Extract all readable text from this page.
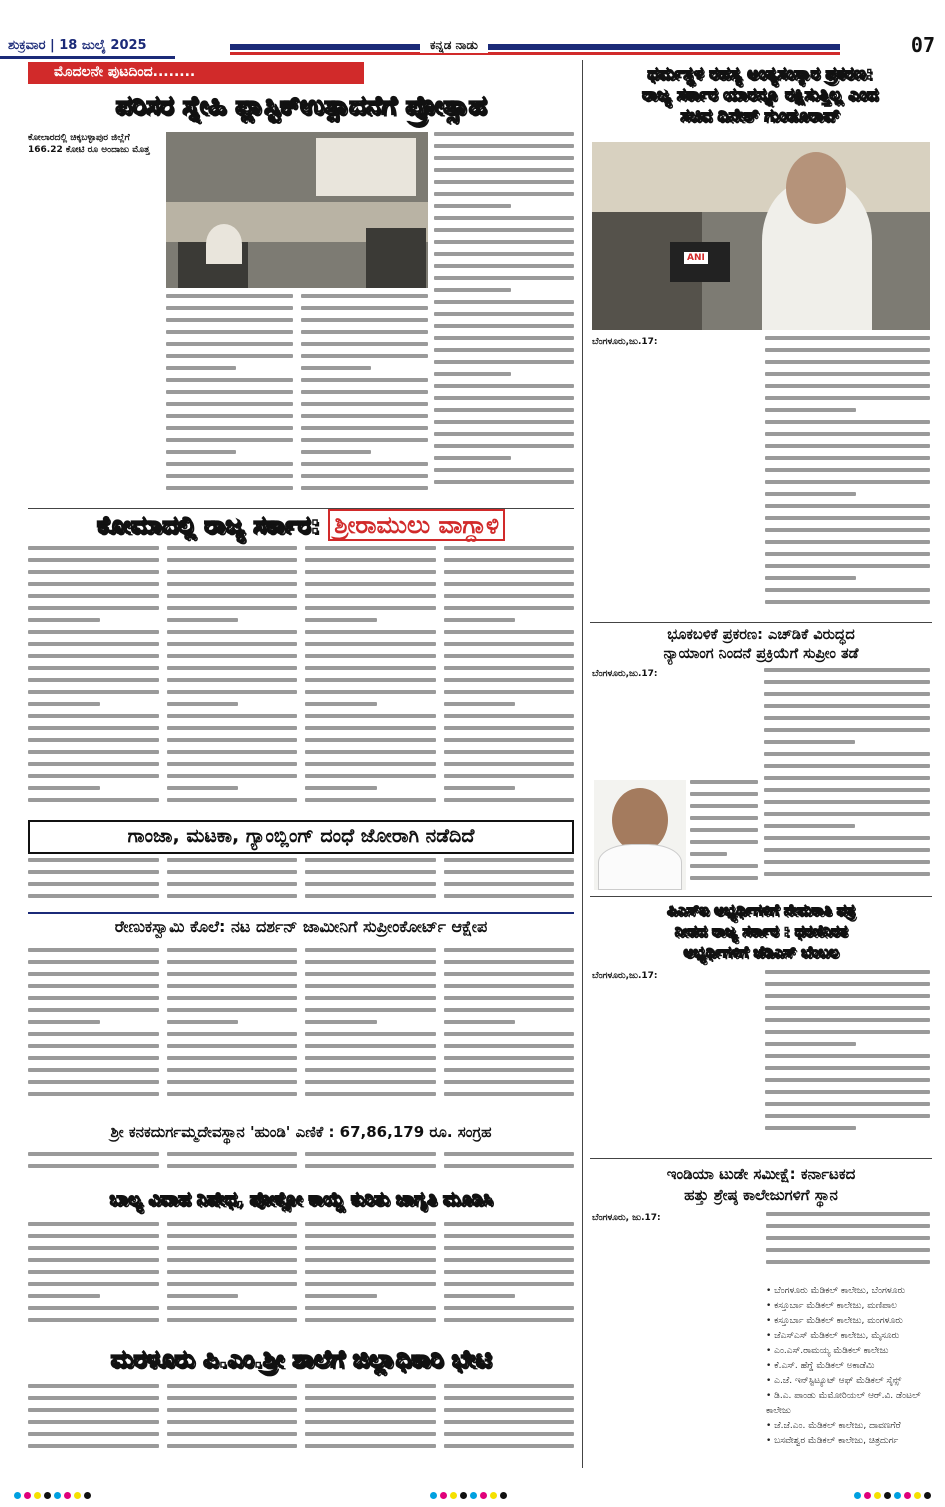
ಶುಕ್ರವಾರ | 18 ಜುಲೈ 2025	ಕನ್ನಡ ನಾಡು	07
ಮೊದಲನೇ ಪುಟದಿಂದ........
ಪರಿಸರ ಸ್ನೇಹಿ ಪ್ಲಾಸ್ಟಿಕ್‌ಉತ್ಪಾದನೆಗೆ ಪ್ರೋತ್ಸಾಹ
ಕೋಲಾರದಲ್ಲಿ ಚಿಕ್ಕಬಳ್ಳಾಪುರ ಜಿಲ್ಲೆಗೆ 166.22 ಕೋಟಿ ರೂ ಅಂದಾಜು ಮೊತ್ತ
ಕೋಮಾದಲ್ಲಿ ರಾಜ್ಯ ಸರ್ಕಾರ: ಶ್ರೀರಾಮುಲು ವಾಗ್ದಾಳಿ
ಗಾಂಜಾ, ಮಟಕಾ, ಗ್ಯಾಂಬ್ಲಿಂಗ್ ದಂಧೆ ಜೋರಾಗಿ ನಡೆದಿದೆ
ರೇಣುಕಸ್ವಾಮಿ ಕೊಲೆ: ನಟ ದರ್ಶನ್ ಜಾಮೀನಿಗೆ ಸುಪ್ರೀಂಕೋರ್ಟ್ ಆಕ್ಷೇಪ
ಶ್ರೀ ಕನಕದುರ್ಗಮ್ಮದೇವಸ್ಥಾನ 'ಹುಂಡಿ' ಎಣಿಕೆ : 67,86,179 ರೂ. ಸಂಗ್ರಹ
ಬಾಲ್ಯ ವಿವಾಹ ನಿಷೇಧ, ಪೋಕ್ಸೋ ಕಾಯ್ದೆ ಕುರಿತು ಜಾಗೃತಿ ಮೂಡಿಸಿ
ಮರಳೂರು ಪಿ.ಎಂ.ಶ್ರೀ ಶಾಲೆಗೆ ಜಿಲ್ಲಾಧಿಕಾರಿ ಭೇಟಿ
ಧರ್ಮಸ್ಥಳ ರಹಸ್ಯ ಅಂತ್ಯಸಂಸ್ಕಾರ ಪ್ರಕರಣ:
ರಾಜ್ಯ ಸರ್ಕಾರ ಯಾರನ್ನೂ ರಕ್ಷಿಸುತ್ತಿಲ್ಲ ಎಂದ
ಸಚಿವ ದಿನೇಶ್ ಗುಂಡೂರಾವ್
ANI
ಬೆಂಗಳೂರು,ಜು.17:
ಭೂಕಬಳಿಕೆ ಪ್ರಕರಣ: ಎಚ್‌ಡಿಕೆ ವಿರುದ್ಧದ
ನ್ಯಾಯಾಂಗ ನಿಂದನೆ ಪ್ರಕ್ರಿಯೆಗೆ ಸುಪ್ರೀಂ ತಡೆ
ಬೆಂಗಳೂರು,ಜು.17:
ಪಿಎಸ್‌ಐ ಅಭ್ಯರ್ಥಿಗಳಿಗೆ ನೇಮಕಾತಿ ಪತ್ರ
ನೀಡದ ರಾಜ್ಯ ಸರ್ಕಾರ : ಧರಣಿನಿರತ
ಅಭ್ಯರ್ಥಿಗಳಿಗೆ ಜೆಡಿಎಸ್ ಬೆಂಬಲ
ಬೆಂಗಳೂರು,ಜು.17:
ಇಂಡಿಯಾ ಟುಡೇ ಸಮೀಕ್ಷೆ: ಕರ್ನಾಟಕದ
ಹತ್ತು ಶ್ರೇಷ್ಠ ಕಾಲೇಜುಗಳಿಗೆ ಸ್ಥಾನ
ಬೆಂಗಳೂರು, ಜು.17:
• ಬೆಂಗಳೂರು ಮೆಡಿಕಲ್ ಕಾಲೇಜು, ಬೆಂಗಳೂರು
• ಕಸ್ತೂರ್ಬಾ ಮೆಡಿಕಲ್ ಕಾಲೇಜು, ಮಣಿಪಾಲ
• ಕಸ್ತೂರ್ಬಾ ಮೆಡಿಕಲ್ ಕಾಲೇಜು, ಮಂಗಳೂರು
• ಜೆಎಸ್‌ಎಸ್ ಮೆಡಿಕಲ್ ಕಾಲೇಜು, ಮೈಸೂರು
• ಎಂ.ಎಸ್.ರಾಮಯ್ಯ ಮೆಡಿಕಲ್ ಕಾಲೇಜು
• ಕೆ.ಎಸ್. ಹೆಗ್ಡೆ ಮೆಡಿಕಲ್ ಅಕಾಡೆಮಿ
• ಎ.ಜೆ. ಇನ್‌ಸ್ಟಿಟ್ಯೂಟ್ ಆಫ್ ಮೆಡಿಕಲ್ ಸೈನ್ಸ್
• ಡಿ.ಎ. ಪಾಂಡು ಮೆಮೋರಿಯಲ್ ಆರ್.ವಿ. ಡೆಂಟಲ್ ಕಾಲೇಜು
• ಜೆ.ಜೆ.ಎಂ. ಮೆಡಿಕಲ್ ಕಾಲೇಜು, ದಾವಣಗೆರೆ
• ಬಸವೇಶ್ವರ ಮೆಡಿಕಲ್ ಕಾಲೇಜು, ಚಿತ್ರದುರ್ಗ
